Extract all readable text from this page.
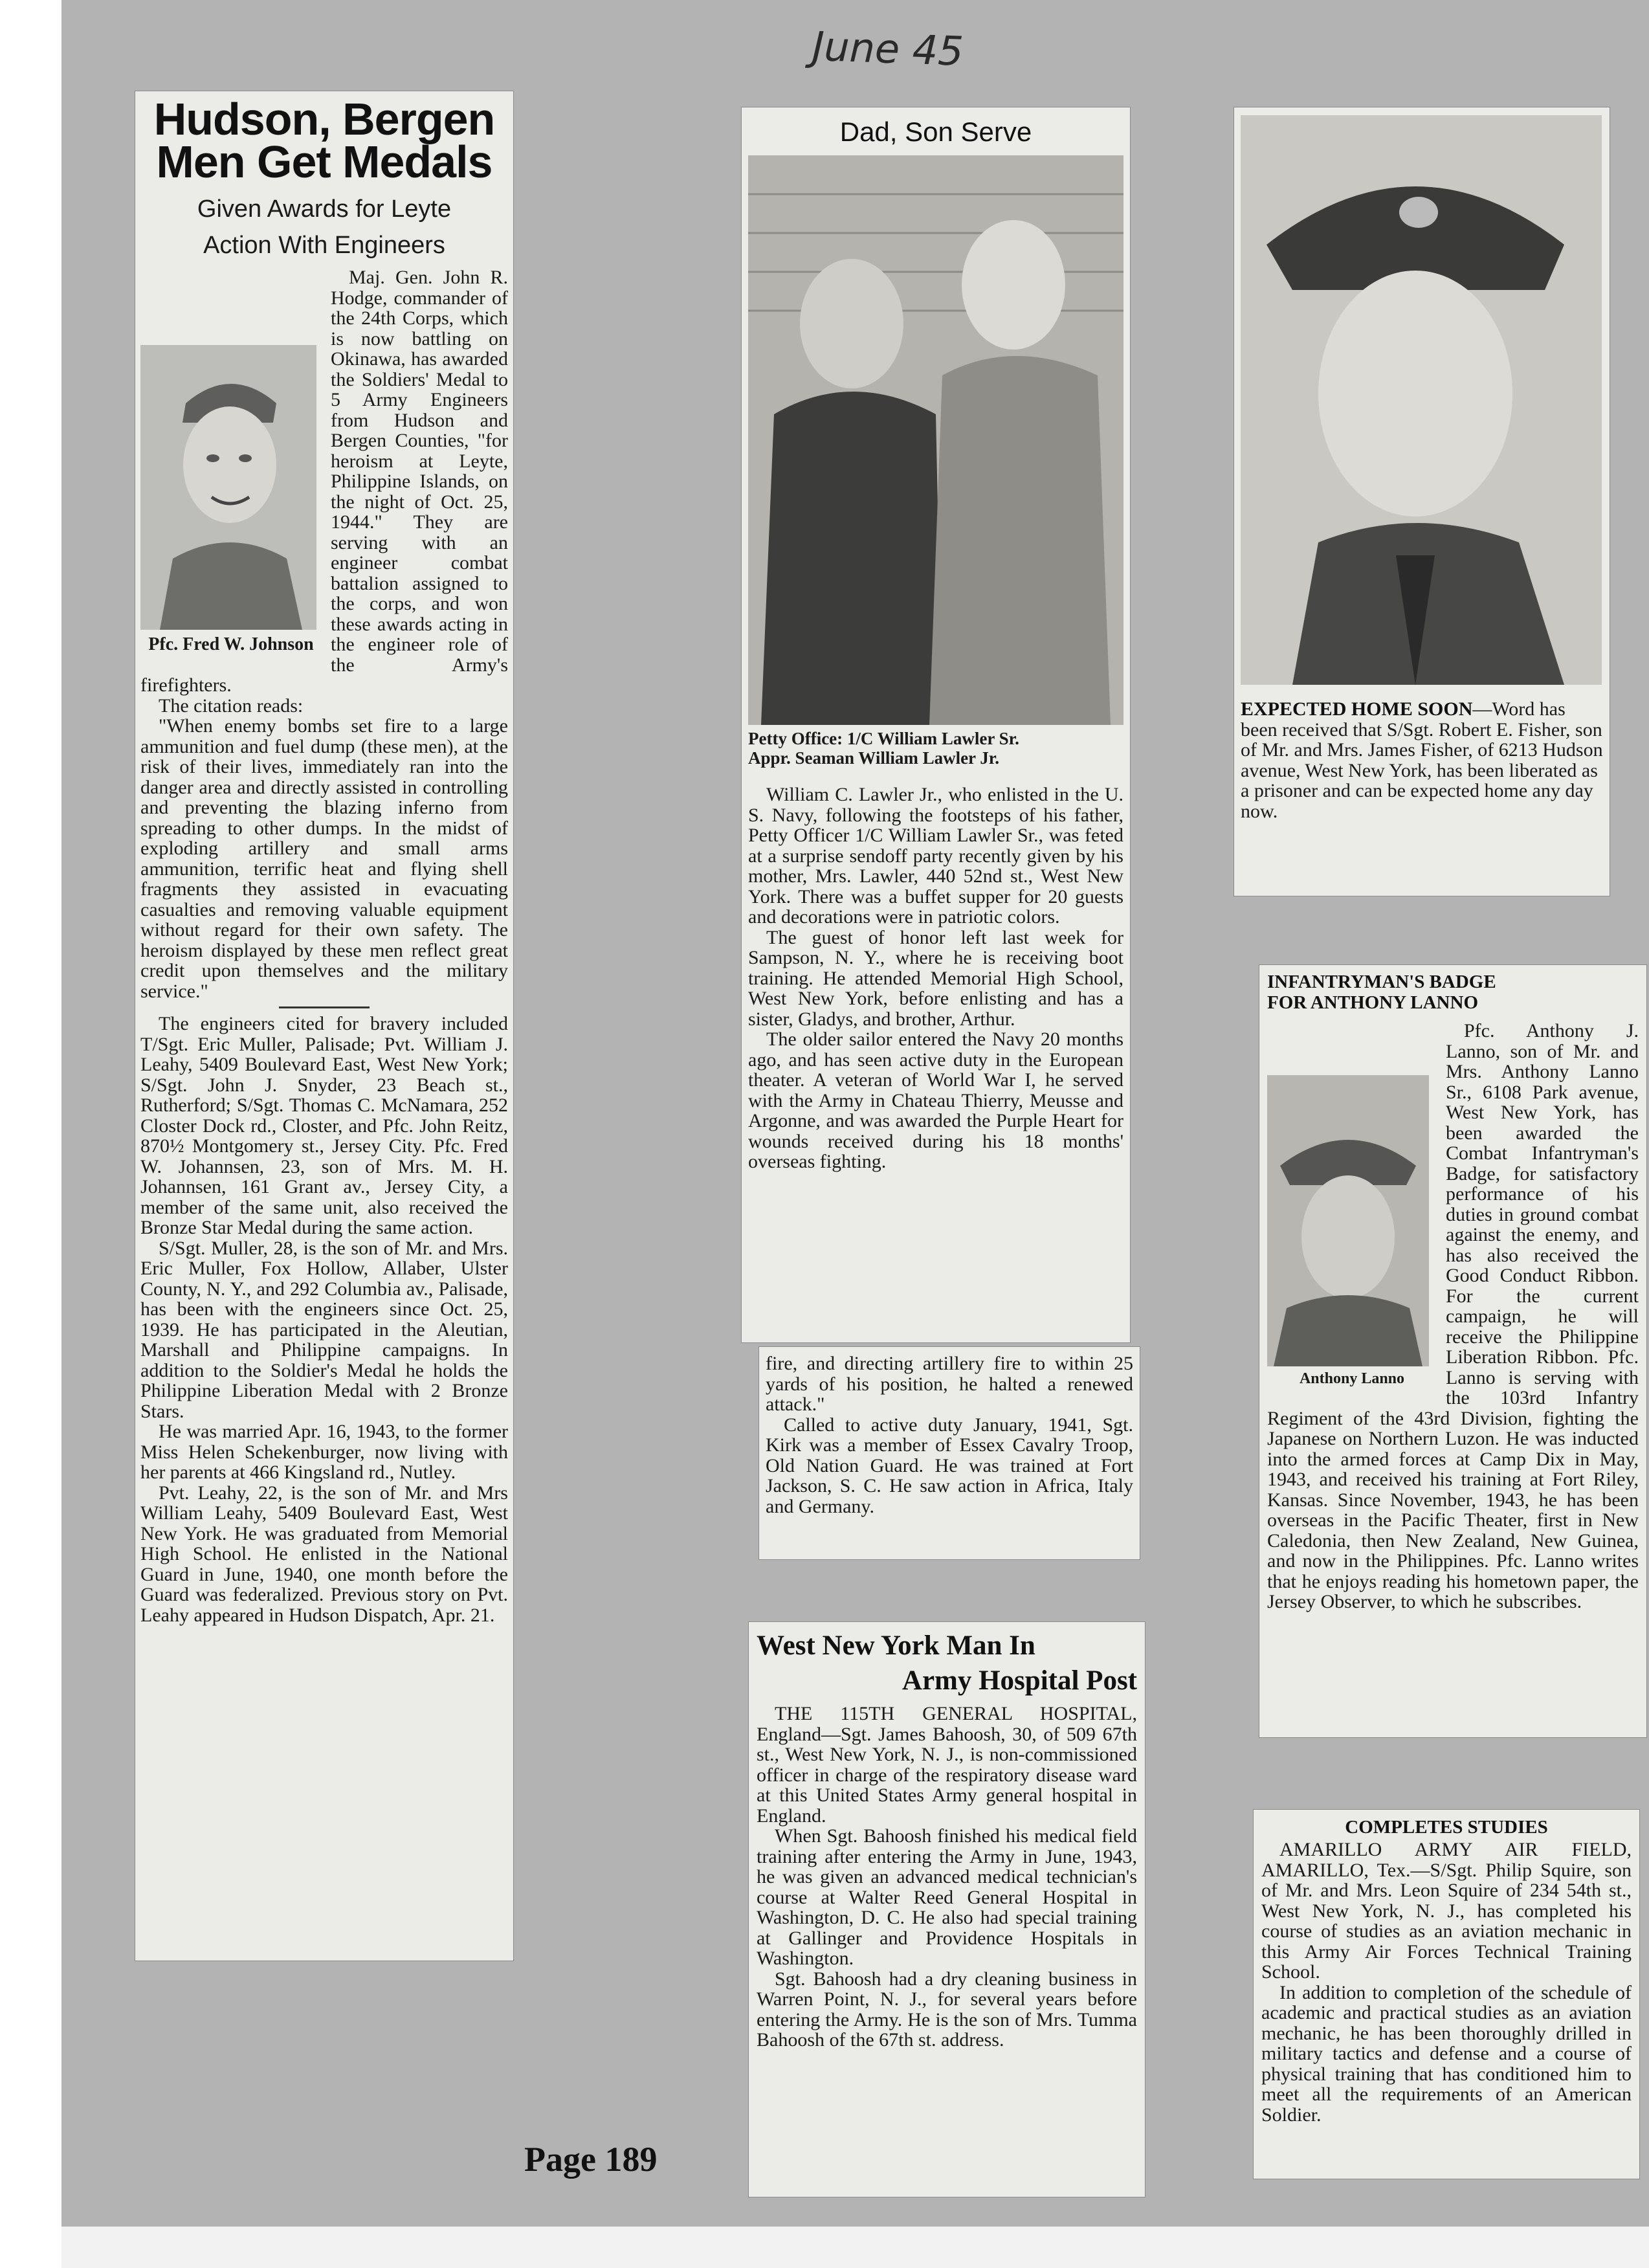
June 45
Hudson, Bergen
Men Get Medals
Given Awards for Leyte
Action With Engineers
Pfc. Fred W. Johnson

Maj. Gen. John R. Hodge, commander of the 24th Corps, which is now battling on Okinawa, has awarded the Soldiers' Medal to 5 Army Engineers from Hudson and Bergen Counties, "for heroism at Leyte, Philippine Islands, on the night of Oct. 25, 1944." They are serving with an engineer combat battalion assigned to the corps, and won these awards acting in the engineer role of the Army's firefighters.

The citation reads:

"When enemy bombs set fire to a large ammunition and fuel dump (these men), at the risk of their lives, immediately ran into the danger area and directly assisted in controlling and preventing the blazing inferno from spreading to other dumps. In the midst of exploding artillery and small arms ammunition, terrific heat and flying shell fragments they assisted in evacuating casualties and removing valuable equipment without regard for their own safety. The heroism displayed by these men reflect great credit upon themselves and the military service."

The engineers cited for bravery included T/Sgt. Eric Muller, Palisade; Pvt. William J. Leahy, 5409 Boulevard East, West New York; S/Sgt. John J. Snyder, 23 Beach st., Rutherford; S/Sgt. Thomas C. McNamara, 252 Closter Dock rd., Closter, and Pfc. John Reitz, 870½ Montgomery st., Jersey City. Pfc. Fred W. Johannsen, 23, son of Mrs. M. H. Johannsen, 161 Grant av., Jersey City, a member of the same unit, also received the Bronze Star Medal during the same action.

S/Sgt. Muller, 28, is the son of Mr. and Mrs. Eric Muller, Fox Hollow, Allaber, Ulster County, N. Y., and 292 Columbia av., Palisade, has been with the engineers since Oct. 25, 1939. He has participated in the Aleutian, Marshall and Philippine campaigns. In addition to the Soldier's Medal he holds the Philippine Liberation Medal with 2 Bronze Stars.

He was married Apr. 16, 1943, to the former Miss Helen Schekenburger, now living with her parents at 466 Kingsland rd., Nutley.

Pvt. Leahy, 22, is the son of Mr. and Mrs William Leahy, 5409 Boulevard East, West New York. He was graduated from Memorial High School. He enlisted in the National Guard in June, 1940, one month before the Guard was federalized. Previous story on Pvt. Leahy appeared in Hudson Dispatch, Apr. 21.

Dad, Son Serve
Petty Office: 1/C William Lawler Sr.
Appr. Seaman William Lawler Jr.

William C. Lawler Jr., who enlisted in the U. S. Navy, following the footsteps of his father, Petty Officer 1/C William Lawler Sr., was feted at a surprise sendoff party recently given by his mother, Mrs. Lawler, 440 52nd st., West New York. There was a buffet supper for 20 guests and decorations were in patriotic colors.

The guest of honor left last week for Sampson, N. Y., where he is receiving boot training. He attended Memorial High School, West New York, before enlisting and has a sister, Gladys, and brother, Arthur.

The older sailor entered the Navy 20 months ago, and has seen active duty in the European theater. A veteran of World War I, he served with the Army in Chateau Thierry, Meusse and Argonne, and was awarded the Purple Heart for wounds received during his 18 months' overseas fighting.

fire, and directing artillery fire to within 25 yards of his position, he halted a renewed attack."

Called to active duty January, 1941, Sgt. Kirk was a member of Essex Cavalry Troop, Old Nation Guard. He was trained at Fort Jackson, S. C. He saw action in Africa, Italy and Germany.

West New York Man In
Army Hospital Post

THE 115TH GENERAL HOSPITAL, England—Sgt. James Bahoosh, 30, of 509 67th st., West New York, N. J., is non-commissioned officer in charge of the respiratory disease ward at this United States Army general hospital in England.

When Sgt. Bahoosh finished his medical field training after entering the Army in June, 1943, he was given an advanced medical technician's course at Walter Reed General Hospital in Washington, D. C. He also had special training at Gallinger and Providence Hospitals in Washington.

Sgt. Bahoosh had a dry cleaning business in Warren Point, N. J., for several years before entering the Army. He is the son of Mrs. Tumma Bahoosh of the 67th st. address.

EXPECTED HOME SOON—Word has been received that S/Sgt. Robert E. Fisher, son of Mr. and Mrs. James Fisher, of 6213 Hudson avenue, West New York, has been liberated as a prisoner and can be expected home any day now.
INFANTRYMAN'S BADGE
FOR ANTHONY LANNO
Anthony Lanno

Pfc. Anthony J. Lanno, son of Mr. and Mrs. Anthony Lanno Sr., 6108 Park avenue, West New York, has been awarded the Combat Infantryman's Badge, for satisfactory performance of his duties in ground combat against the enemy, and has also received the Good Conduct Ribbon. For the current campaign, he will receive the Philippine Liberation Ribbon. Pfc. Lanno is serving with the 103rd Infantry Regiment of the 43rd Division, fighting the Japanese on Northern Luzon. He was inducted into the armed forces at Camp Dix in May, 1943, and received his training at Fort Riley, Kansas. Since November, 1943, he has been overseas in the Pacific Theater, first in New Caledonia, then New Zealand, New Guinea, and now in the Philippines. Pfc. Lanno writes that he enjoys reading his hometown paper, the Jersey Observer, to which he subscribes.

COMPLETES STUDIES

AMARILLO ARMY AIR FIELD, AMARILLO, Tex.—S/Sgt. Philip Squire, son of Mr. and Mrs. Leon Squire of 234 54th st., West New York, N. J., has completed his course of studies as an aviation mechanic in this Army Air Forces Technical Training School.

In addition to completion of the schedule of academic and practical studies as an aviation mechanic, he has been thoroughly drilled in military tactics and defense and a course of physical training that has conditioned him to meet all the requirements of an American Soldier.

Page 189
